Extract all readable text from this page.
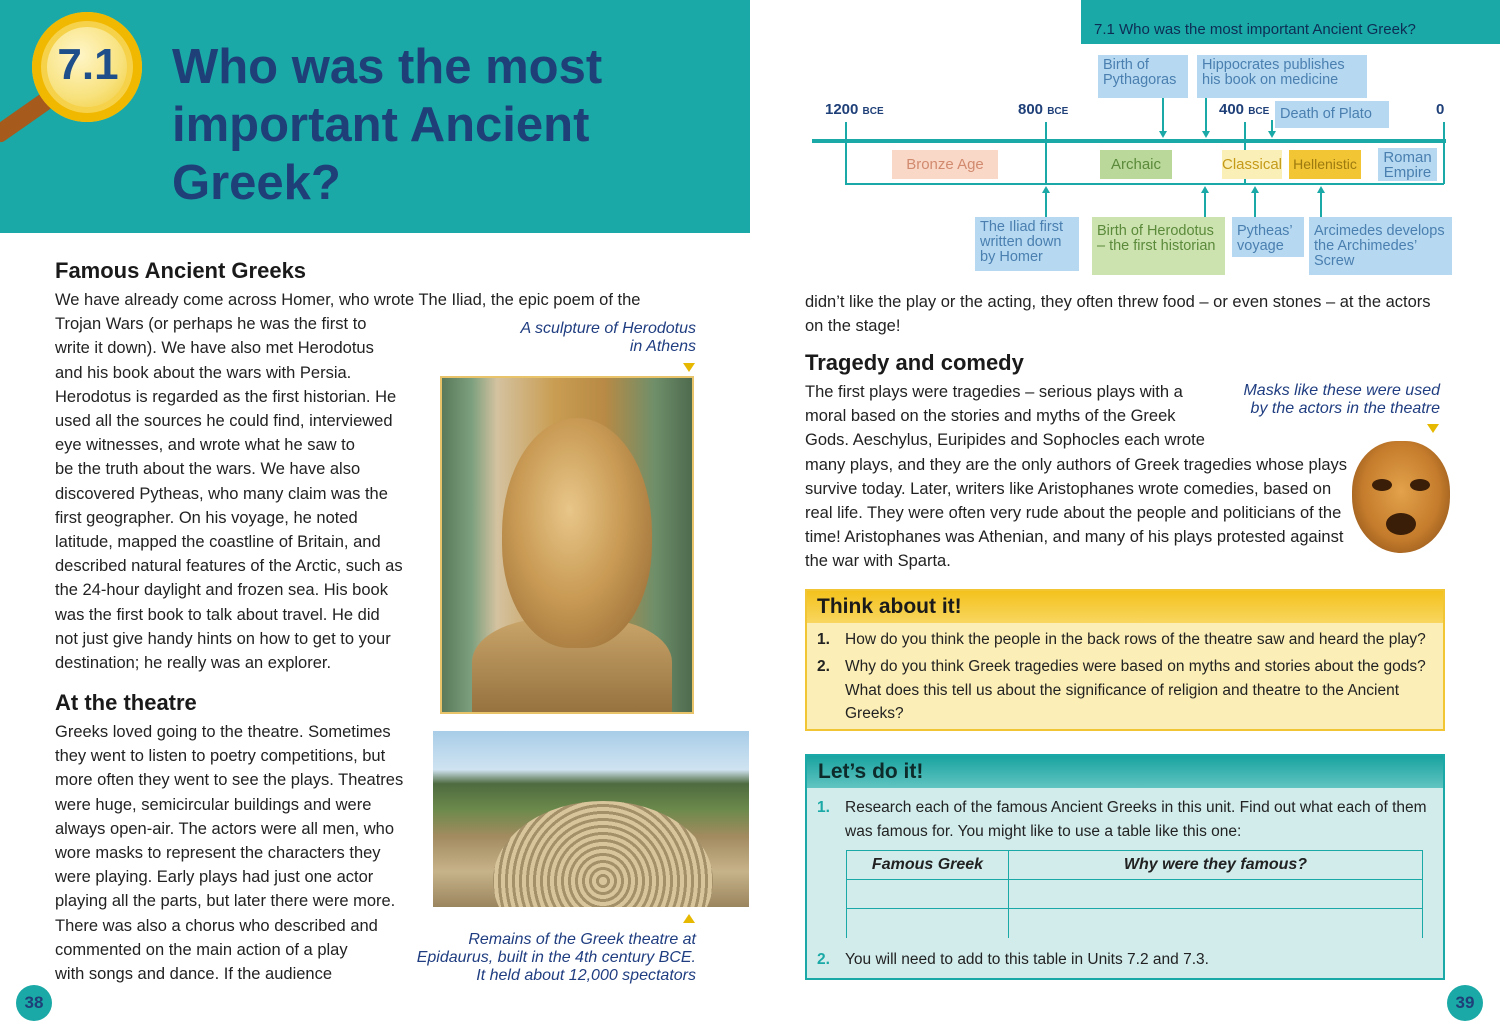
7.1	Who was the most important Ancient Greek?
Famous Ancient Greeks
We have already come across Homer, who wrote The Iliad, the epic poem of the
Trojan Wars (or perhaps he was the first to
write it down). We have also met Herodotus
and his book about the wars with Persia.
Herodotus is regarded as the first historian. He
used all the sources he could find, interviewed
eye witnesses, and wrote what he saw to
be the truth about the wars. We have also
discovered Pytheas, who many claim was the
first geographer. On his voyage, he noted
latitude, mapped the coastline of Britain, and
described natural features of the Arctic, such as
the 24-hour daylight and frozen sea. His book
was the first book to talk about travel. He did
not just give handy hints on how to get to your
destination; he really was an explorer.
A sculpture of Herodotus
in Athens
At the theatre
Greeks loved going to the theatre. Sometimes
they went to listen to poetry competitions, but
more often they went to see the plays. Theatres
were huge, semicircular buildings and were
always open-air. The actors were all men, who
wore masks to represent the characters they
were playing. Early plays had just one actor
playing all the parts, but later there were more.
There was also a chorus who described and
commented on the main action of a play
with songs and dance. If the audience
Remains of the Greek theatre at
Epidaurus, built in the 4th century BCE.
It held about 12,000 spectators
38
7.1 Who was the most important Ancient Greek?
1200 BCE	800 BCE	400 BCE	0
Bronze Age	Archaic	Classical Hellenistic	Roman Empire
Birth of Pythagoras
Hippocrates publishes his book on medicine
Death of Plato
The Iliad first written down by Homer
Birth of Herodotus – the first historian
Pytheas’ voyage
Arcimedes develops the Archimedes’ Screw
didn’t like the play or the acting, they often threw food – or even stones – at the actors
on the stage!
Tragedy and comedy
The first plays were tragedies – serious plays with a
moral based on the stories and myths of the Greek
Gods. Aeschylus, Euripides and Sophocles each wrote
many plays, and they are the only authors of Greek tragedies whose plays
survive today. Later, writers like Aristophanes wrote comedies, based on
real life. They were often very rude about the people and politicians of the
time! Aristophanes was Athenian, and many of his plays protested against
the war with Sparta.
Masks like these were used
by the actors in the theatre
Think about it!
1. How do you think the people in the back rows of the theatre saw and heard the play?
2. Why do you think Greek tragedies were based on myths and stories about the gods?
What does this tell us about the significance of religion and theatre to the Ancient
Greeks?
Let’s do it!
1. Research each of the famous Ancient Greeks in this unit. Find out what each of them
was famous for. You might like to use a table like this one:
Famous Greek	Why were they famous?
2. You will need to add to this table in Units 7.2 and 7.3.
39
